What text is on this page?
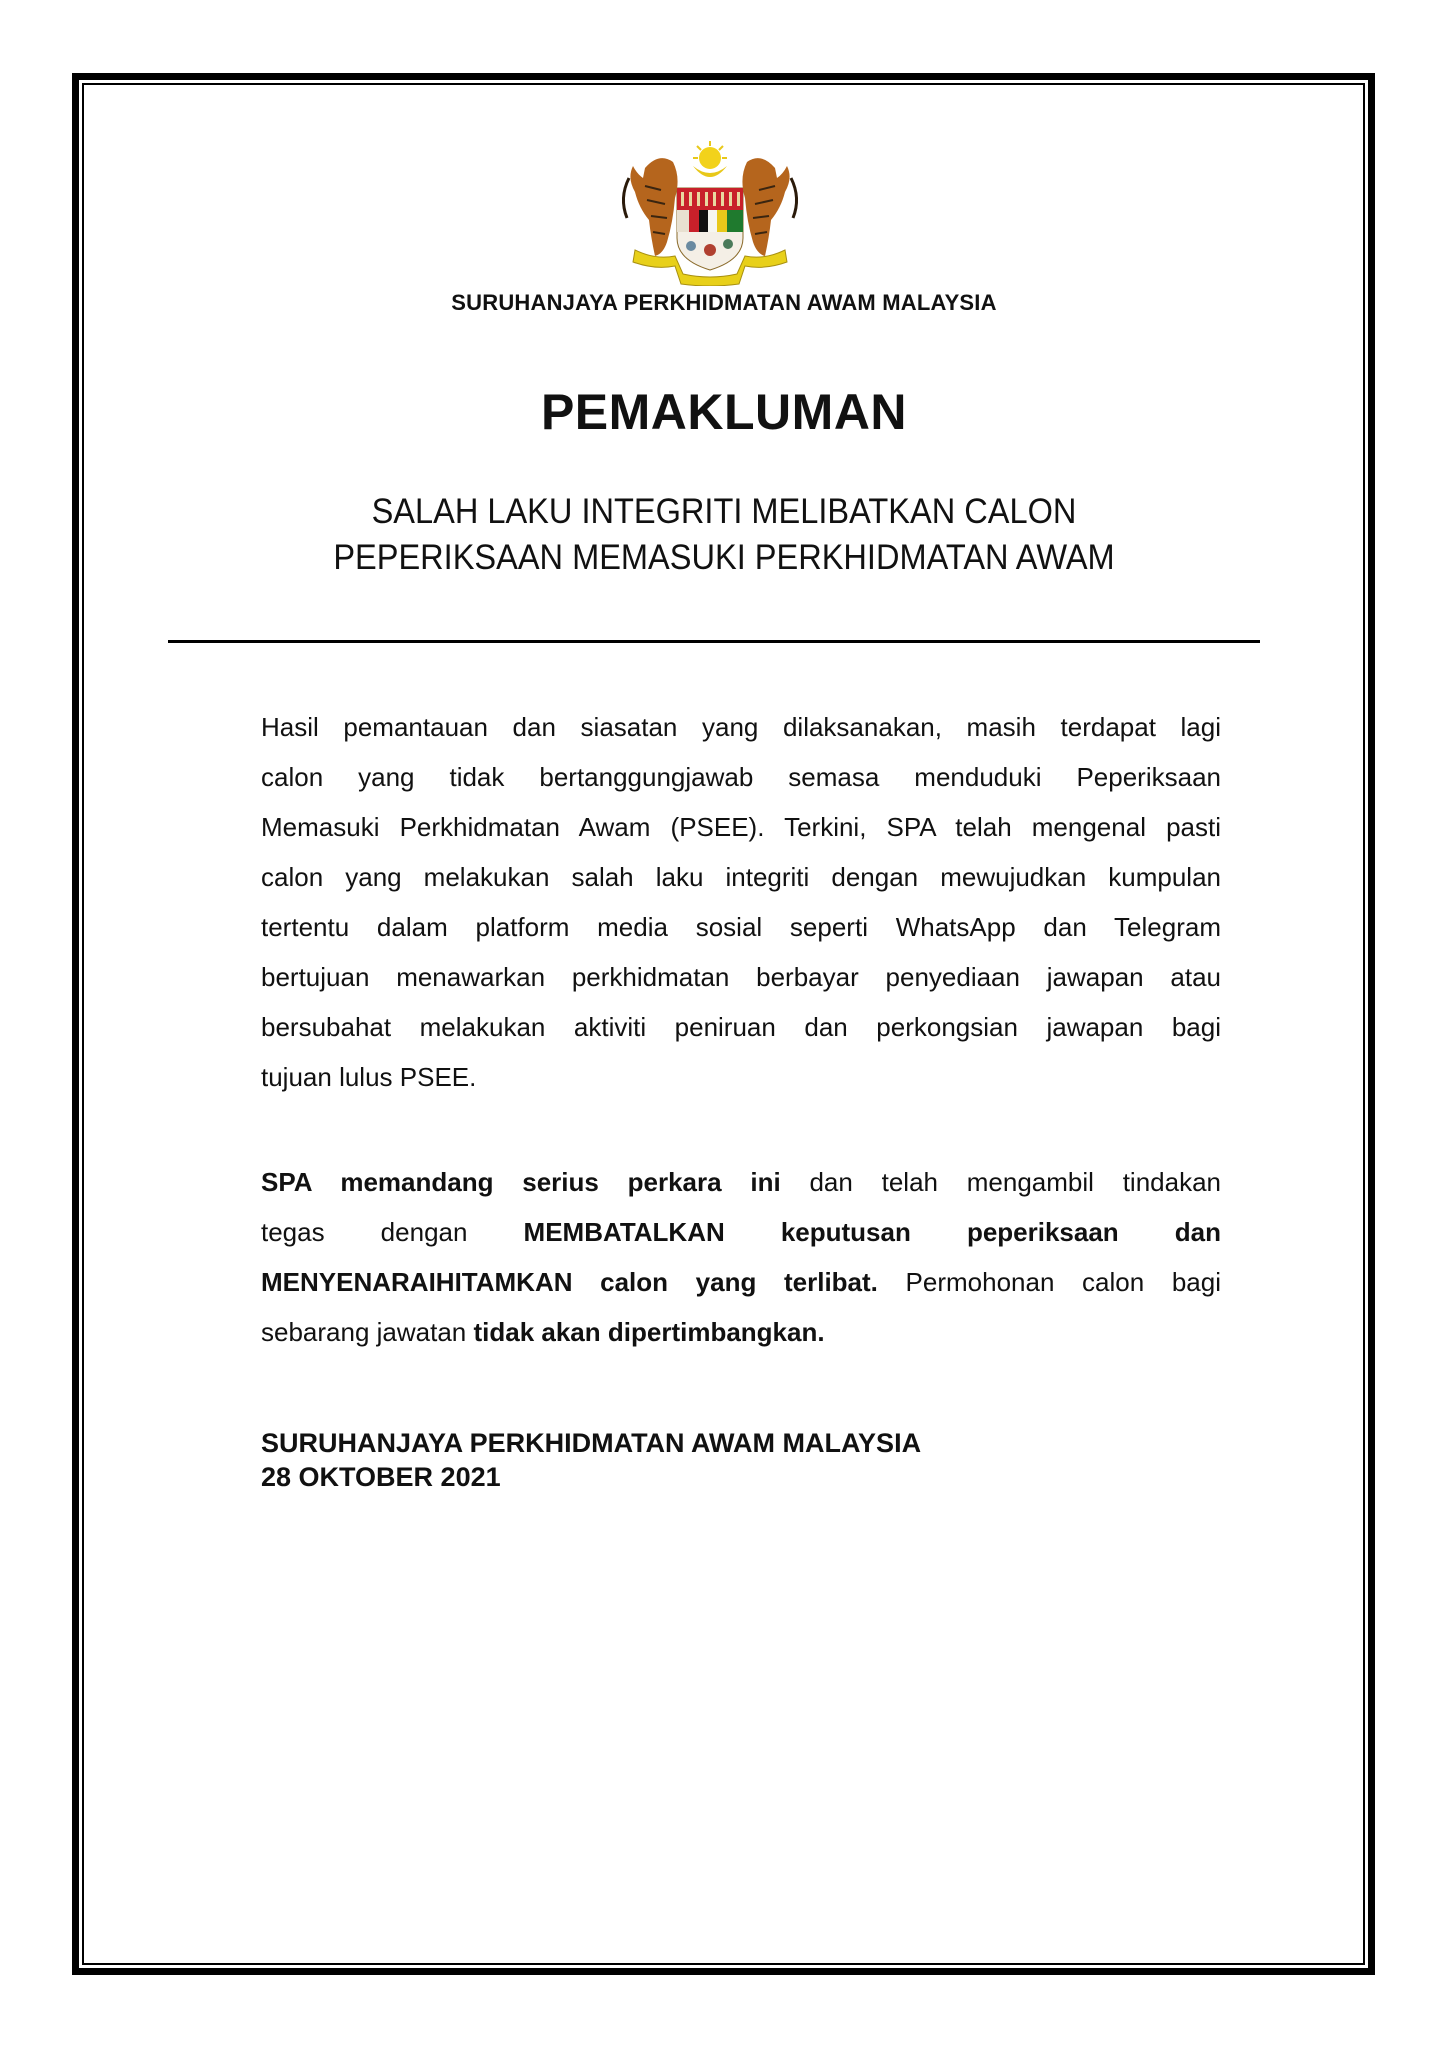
SURUHANJAYA PERKHIDMATAN AWAM MALAYSIA
PEMAKLUMAN
SALAH LAKU INTEGRITI MELIBATKAN CALON
PEPERIKSAAN MEMASUKI PERKHIDMATAN AWAM
Hasil pemantauan dan siasatan yang dilaksanakan, masih terdapat lagi
calon yang tidak bertanggungjawab semasa menduduki Peperiksaan
Memasuki Perkhidmatan Awam (PSEE). Terkini, SPA telah mengenal pasti
calon yang melakukan salah laku integriti dengan mewujudkan kumpulan
tertentu dalam platform media sosial seperti WhatsApp dan Telegram
bertujuan menawarkan perkhidmatan berbayar penyediaan jawapan atau
bersubahat melakukan aktiviti peniruan dan perkongsian jawapan bagi
tujuan lulus PSEE.
SPA memandang serius perkara ini dan telah mengambil tindakan
tegas dengan MEMBATALKAN keputusan peperiksaan dan
MENYENARAIHITAMKAN calon yang terlibat. Permohonan calon bagi
sebarang jawatan tidak akan dipertimbangkan.
SURUHANJAYA PERKHIDMATAN AWAM MALAYSIA
28 OKTOBER 2021
